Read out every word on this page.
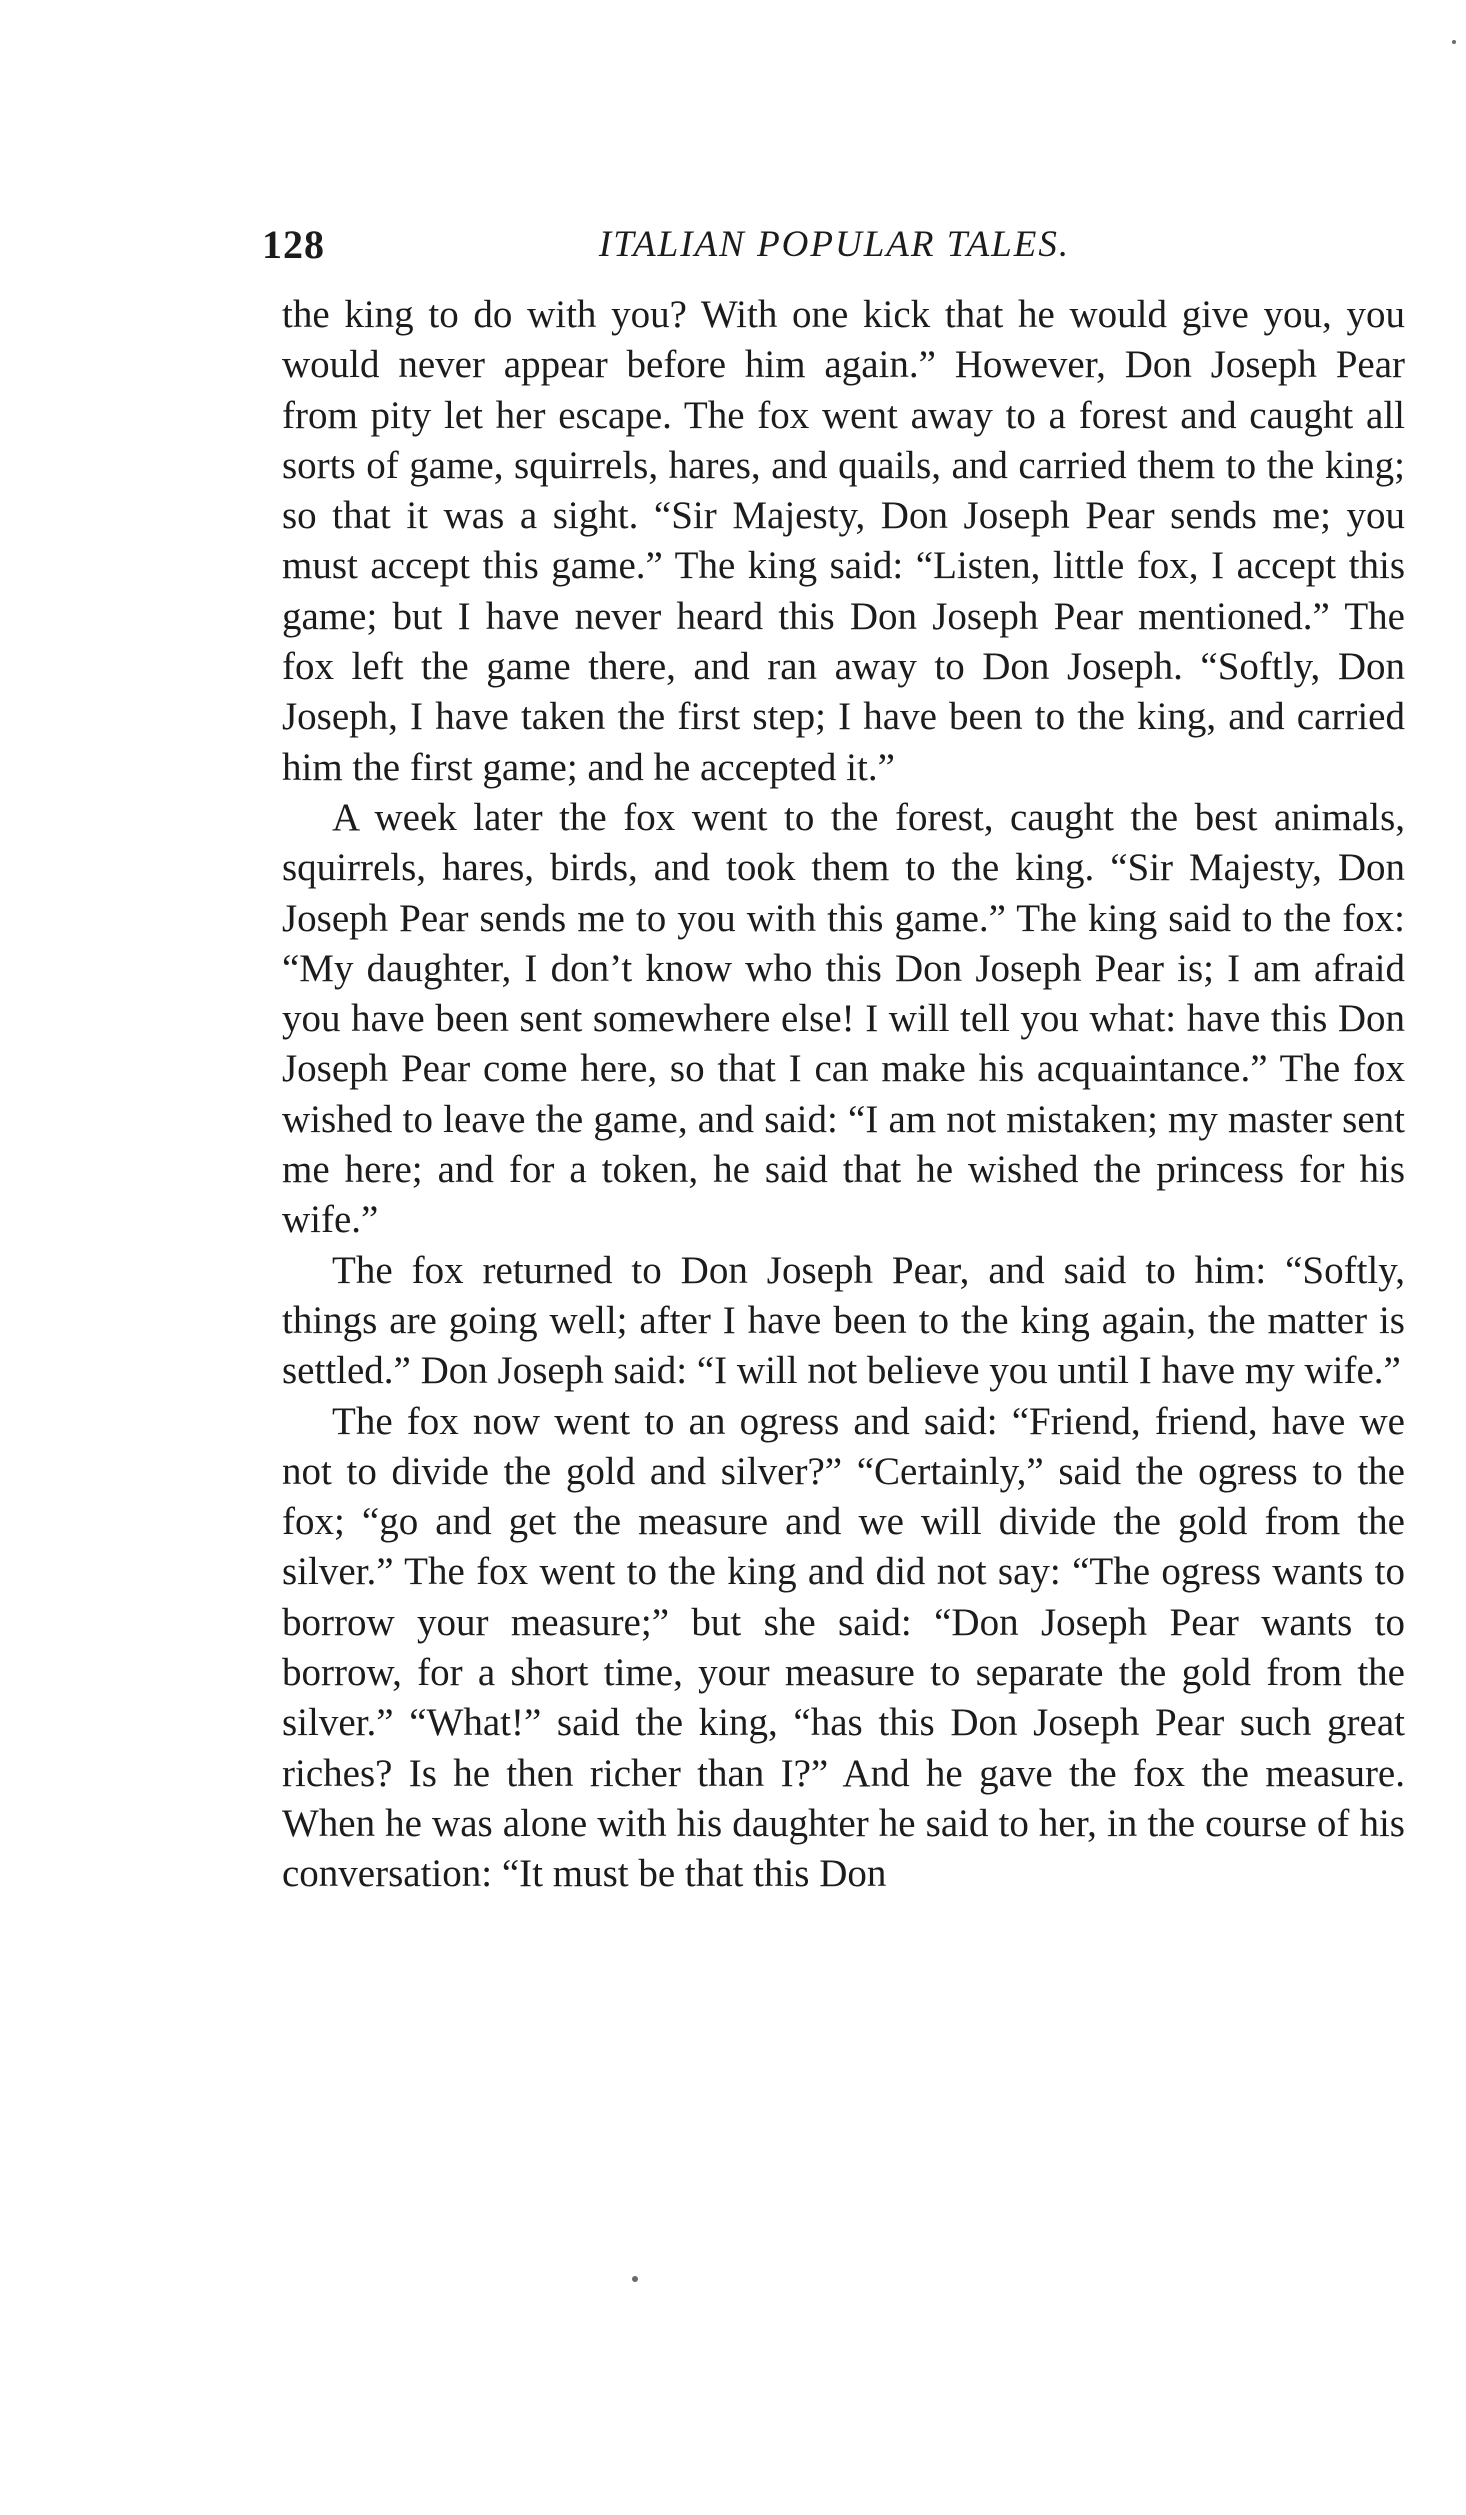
128	ITALIAN POPULAR TALES.

the king to do with you? With one kick that he would give you, you would never appear before him again.” However, Don Joseph Pear from pity let her escape. The fox went away to a forest and caught all sorts of game, squirrels, hares, and quails, and carried them to the king; so that it was a sight. “Sir Majesty, Don Joseph Pear sends me; you must accept this game.” The king said: “Listen, little fox, I accept this game; but I have never heard this Don Joseph Pear mentioned.” The fox left the game there, and ran away to Don Joseph. “Softly, Don Joseph, I have taken the first step; I have been to the king, and carried him the first game; and he accepted it.”

A week later the fox went to the forest, caught the best animals, squirrels, hares, birds, and took them to the king. “Sir Majesty, Don Joseph Pear sends me to you with this game.” The king said to the fox: “My daughter, I don’t know who this Don Joseph Pear is; I am afraid you have been sent somewhere else! I will tell you what: have this Don Joseph Pear come here, so that I can make his acquaintance.” The fox wished to leave the game, and said: “I am not mistaken; my master sent me here; and for a token, he said that he wished the princess for his wife.”

The fox returned to Don Joseph Pear, and said to him: “Softly, things are going well; after I have been to the king again, the matter is settled.” Don Joseph said: “I will not believe you until I have my wife.”

The fox now went to an ogress and said: “Friend, friend, have we not to divide the gold and silver?” “Certainly,” said the ogress to the fox; “go and get the measure and we will divide the gold from the silver.” The fox went to the king and did not say: “The ogress wants to borrow your measure;” but she said: “Don Joseph Pear wants to borrow, for a short time, your measure to separate the gold from the silver.” “What!” said the king, “has this Don Joseph Pear such great riches? Is he then richer than I?” And he gave the fox the measure. When he was alone with his daughter he said to her, in the course of his conversation: “It must be that this Don
